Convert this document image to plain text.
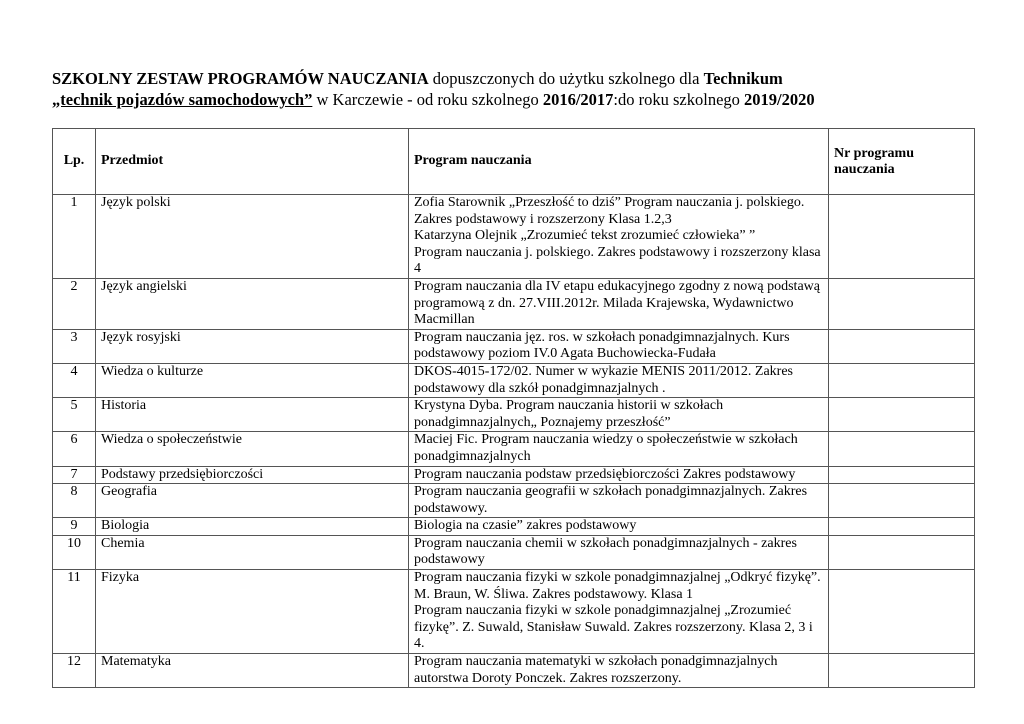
SZKOLNY ZESTAW PROGRAMÓW NAUCZANIA dopuszczonych do użytku szkolnego dla Technikum
„technik pojazdów samochodowych” w Karczewie - od roku szkolnego 2016/2017:do roku szkolnego 2019/2020
Lp.	Przedmiot	Program nauczania	Nr programu nauczania
1	Język polski	Zofia Starownik „Przeszłość to dziś” Program nauczania j. polskiego. Zakres podstawowy i rozszerzony Klasa 1.2,3
Katarzyna Olejnik „Zrozumieć tekst zrozumieć człowieka” ”
Program nauczania j. polskiego. Zakres podstawowy i rozszerzony klasa 4	
2	Język angielski	Program nauczania dla IV etapu edukacyjnego zgodny z nową podstawą programową z dn. 27.VIII.2012r. Milada Krajewska, Wydawnictwo Macmillan	
3	Język rosyjski	Program nauczania jęz. ros. w szkołach ponadgimnazjalnych. Kurs podstawowy poziom IV.0 Agata Buchowiecka-Fudała	
4	Wiedza o kulturze	DKOS-4015-172/02. Numer w wykazie MENIS 2011/2012. Zakres podstawowy dla szkół ponadgimnazjalnych .	
5	Historia	Krystyna Dyba. Program nauczania historii w szkołach ponadgimnazjalnych„ Poznajemy przeszłość”	
6	Wiedza o społeczeństwie	Maciej Fic. Program nauczania wiedzy o społeczeństwie w szkołach ponadgimnazjalnych	
7	Podstawy przedsiębiorczości	Program nauczania podstaw przedsiębiorczości Zakres podstawowy	
8	Geografia	Program nauczania geografii w szkołach ponadgimnazjalnych. Zakres podstawowy.	
9	Biologia	Biologia na czasie” zakres podstawowy	
10	Chemia	Program nauczania chemii w szkołach ponadgimnazjalnych - zakres podstawowy	
11	Fizyka	Program nauczania fizyki w szkole ponadgimnazjalnej „Odkryć fizykę”. M. Braun, W. Śliwa. Zakres podstawowy. Klasa 1
Program nauczania fizyki w szkole ponadgimnazjalnej „Zrozumieć fizykę”. Z. Suwald, Stanisław Suwald. Zakres rozszerzony. Klasa 2, 3 i 4.	
12	Matematyka	Program nauczania matematyki w szkołach ponadgimnazjalnych autorstwa Doroty Ponczek. Zakres rozszerzony.	
